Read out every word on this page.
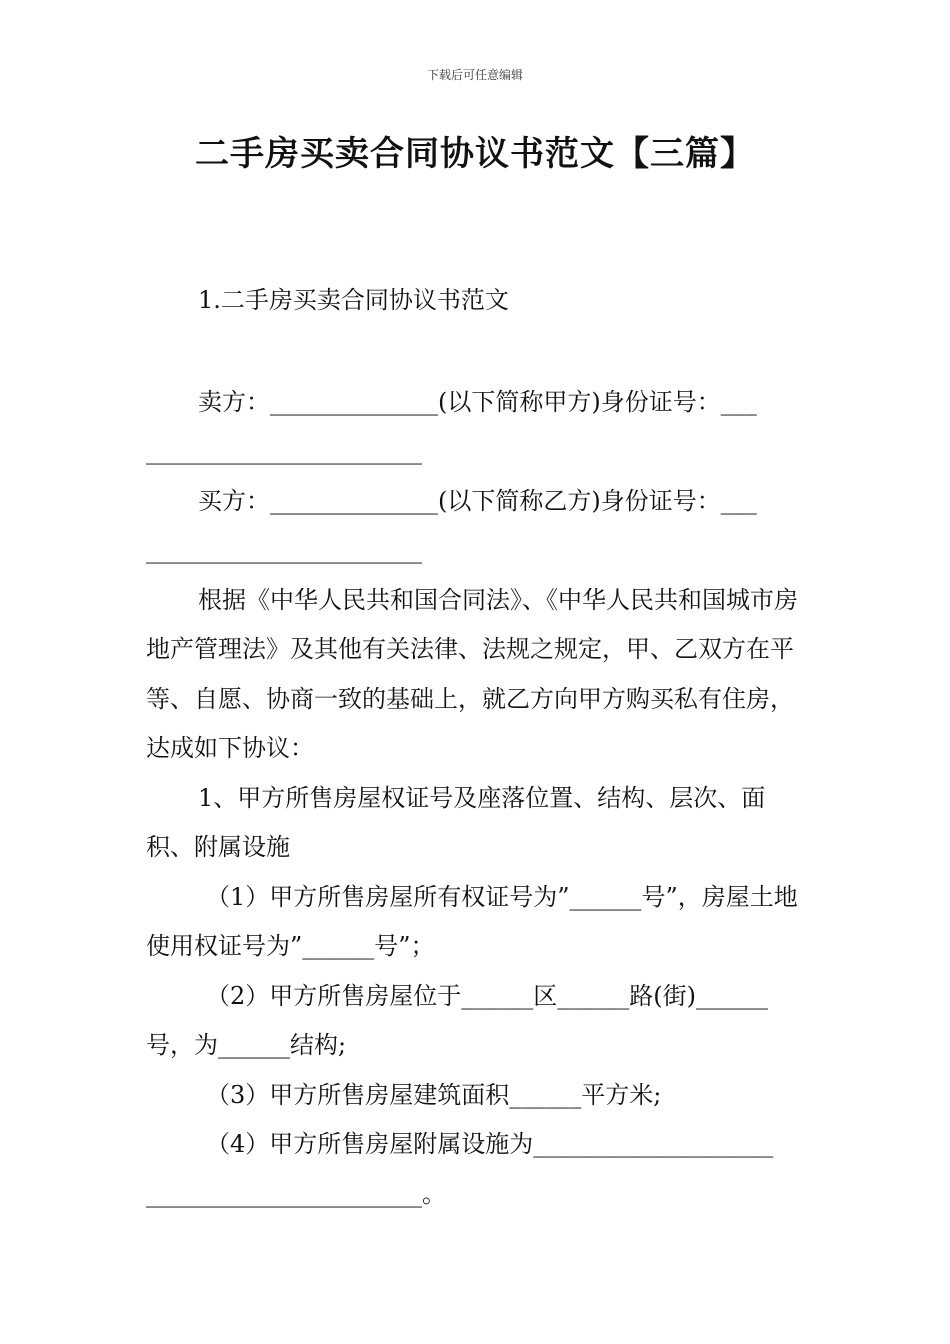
下载后可任意编辑
二手房买卖合同协议书范文【三篇】

1.二手房买卖合同协议书范文

卖方：______________(以下简称甲方)身份证号：___

_______________________

买方：______________(以下简称乙方)身份证号：___

_______________________

根据《中华人民共和国合同法》、《中华人民共和国城市房地产管理法》及其他有关法律、法规之规定，甲、乙双方在平等、自愿、协商一致的基础上，就乙方向甲方购买私有住房，达成如下协议：

1、甲方所售房屋权证号及座落位置、结构、层次、面积、附属设施

（1）甲方所售房屋所有权证号为”______号”，房屋土地使用权证号为”______号”；

（2）甲方所售房屋位于______区______路(街)______号，为______结构;

（3）甲方所售房屋建筑面积______平方米;

（4）甲方所售房屋附属设施为____________________

_______________________。
